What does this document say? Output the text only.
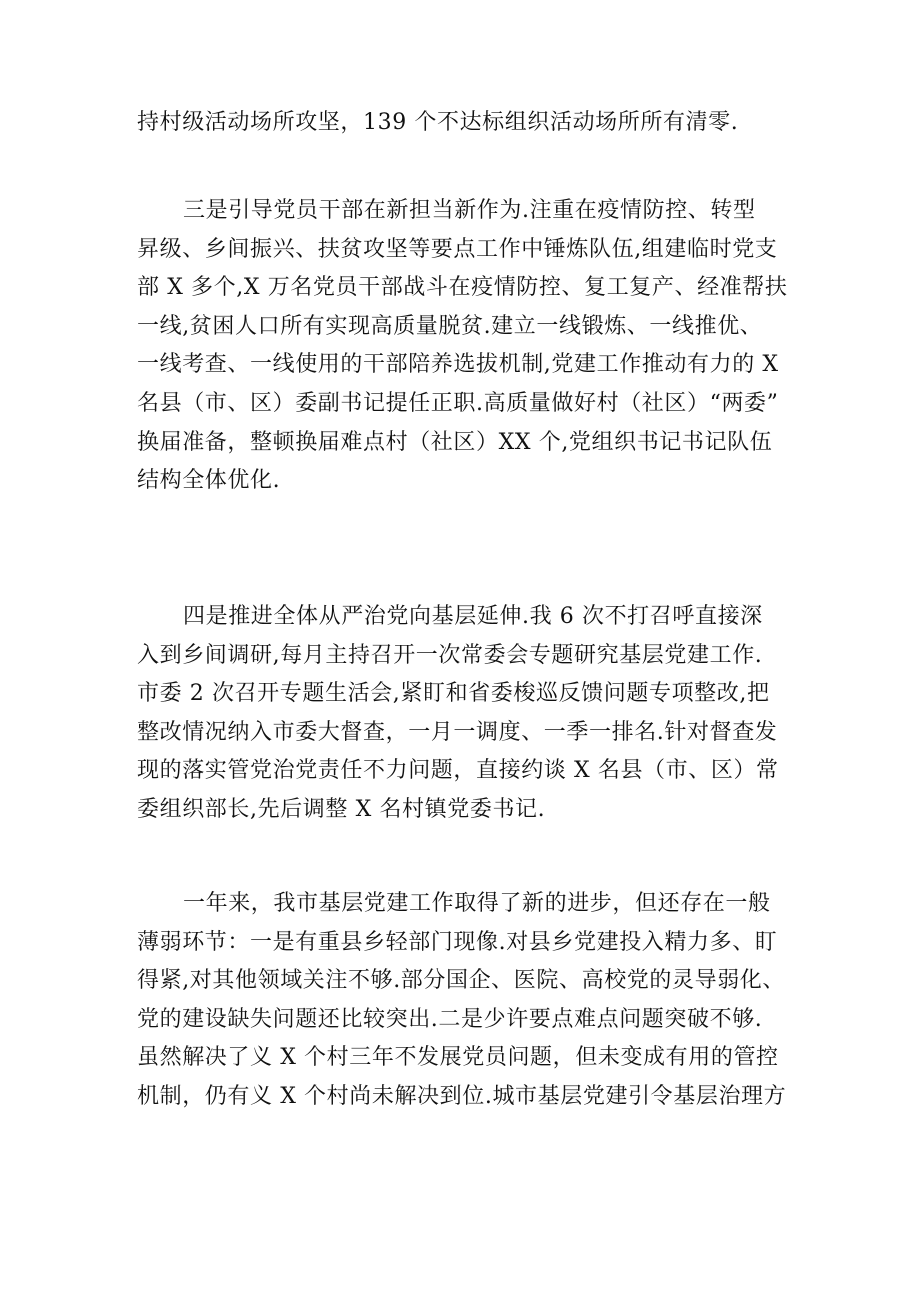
持村级活动场所攻坚，139 个不达标组织活动场所所有清零.

三是引导党员干部在新担当新作为.注重在疫情防控、转型
昇级、乡间振兴、扶贫攻坚等要点工作中锤炼队伍,组建临时党支
部 X 多个,X 万名党员干部战斗在疫情防控、复工复产、经准帮扶
一线,贫困人口所有实现高质量脱贫.建立一线锻炼、一线推优、
一线考查、一线使用的干部陪养选拔机制,党建工作推动有力的 X
名县（市、区）委副书记提任正职.高质量做好村（社区）“两委”
换届准备，整顿换届难点村（社区）XX 个,党组织书记书记队伍
结构全体优化.

四是推进全体从严治党向基层延伸.我 6 次不打召呼直接深
入到乡间调研,每月主持召开一次常委会专题研究基层党建工作.
市委 2 次召开专题生活会,紧盯和省委梭巡反馈问题专项整改,把
整改情况纳入市委大督查，一月一调度、一季一排名.针对督查发
现的落实管党治党责任不力问题，直接约谈 X 名县（市、区）常
委组织部长,先后调整 X 名村镇党委书记.

一年来，我市基层党建工作取得了新的进步，但还存在一般
薄弱环节：一是有重县乡轻部门现像.对县乡党建投入精力多、盯
得紧,对其他领域关注不够.部分国企、医院、高校党的灵导弱化、
党的建设缺失问题还比较突出.二是少许要点难点问题突破不够.
虽然解决了义 X 个村三年不发展党员问题，但未变成有用的管控
机制，仍有义 X 个村尚未解决到位.城市基层党建引令基层治理方
